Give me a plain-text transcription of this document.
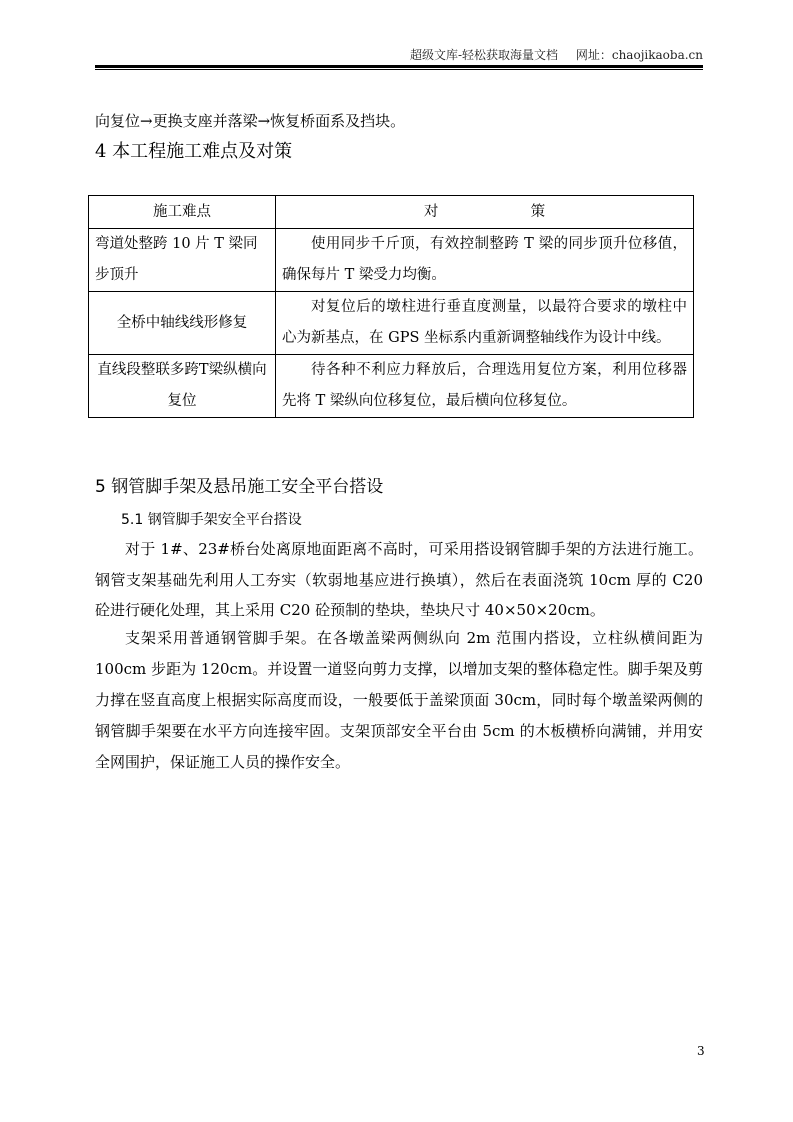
超级文库-轻松获取海量文档 网址：chaojikaoba.cn
向复位→更换支座并落梁→恢复桥面系及挡块。
4 本工程施工难点及对策
施工难点	对                    策
弯道处整跨 10 片 T 梁同步顶升	使用同步千斤顶，有效控制整跨 T 梁的同步顶升位移值，确保每片 T 梁受力均衡。
全桥中轴线线形修复	对复位后的墩柱进行垂直度测量，以最符合要求的墩柱中心为新基点，在 GPS 坐标系内重新调整轴线作为设计中线。
直线段整联多跨T梁纵横向复位	待各种不利应力释放后，合理选用复位方案，利用位移器先将 T 梁纵向位移复位，最后横向位移复位。
5 钢管脚手架及悬吊施工安全平台搭设
5.1 钢管脚手架安全平台搭设
对于 1#、23#桥台处离原地面距离不高时，可采用搭设钢管脚手架的方法进行施工。
钢管支架基础先利用人工夯实（软弱地基应进行换填），然后在表面浇筑 10cm 厚的 C20
砼进行硬化处理，其上采用 C20 砼预制的垫块，垫块尺寸 40×50×20cm。
支架采用普通钢管脚手架。在各墩盖梁两侧纵向 2m 范围内搭设，立柱纵横间距为
100cm 步距为 120cm。并设置一道竖向剪力支撑，以增加支架的整体稳定性。脚手架及剪
力撑在竖直高度上根据实际高度而设，一般要低于盖梁顶面 30cm，同时每个墩盖梁两侧的
钢管脚手架要在水平方向连接牢固。支架顶部安全平台由 5cm 的木板横桥向满铺，并用安
全网围护，保证施工人员的操作安全。
3
